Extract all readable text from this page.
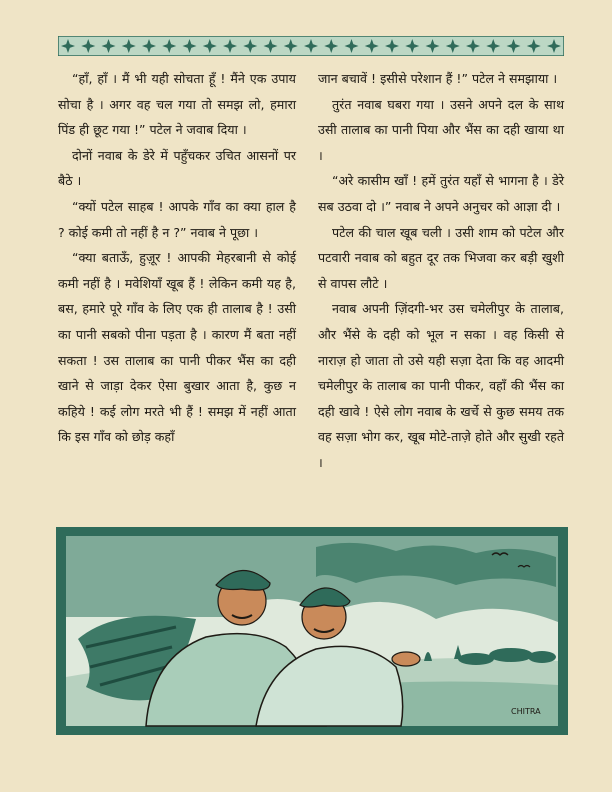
“हाँ, हाँ । मैं भी यही सोचता हूँ ! मैंने एक उपाय सोचा है । अगर वह चल गया तो समझ लो, हमारा पिंड ही छूट गया !” पटेल ने जवाब दिया ।

दोनों नवाब के डेरे में पहुँचकर उचित आसनों पर बैठे ।

“क्यों पटेल साहब ! आपके गाँव का क्या हाल है ? कोई कमी तो नहीं है न ?” नवाब ने पूछा ।

“क्या बताऊँ, हुज़ूर ! आपकी मेहरबानी से कोई कमी नहीं है । मवेशियाँ खूब हैं ! लेकिन कमी यह है, बस, हमारे पूरे गाँव के लिए एक ही तालाब है ! उसी का पानी सबको पीना पड़ता है । कारण मैं बता नहीं सकता ! उस तालाब का पानी पीकर भैंस का दही खाने से जाड़ा देकर ऐसा बुखार आता है, कुछ न कहिये ! कई लोग मरते भी हैं ! समझ में नहीं आता कि इस गाँव को छोड़ कहाँ

जान बचावें ! इसीसे परेशान हैं !” पटेल ने समझाया ।

तुरंत नवाब घबरा गया । उसने अपने दल के साथ उसी तालाब का पानी पिया और भैंस का दही खाया था ।

“अरे कासीम खाँ ! हमें तुरंत यहाँ से भागना है । डेरे सब उठवा दो ।” नवाब ने अपने अनुचर को आज्ञा दी ।

पटेल की चाल खूब चली । उसी शाम को पटेल और पटवारी नवाब को बहुत दूर तक भिजवा कर बड़ी खुशी से वापस लौटे ।

नवाब अपनी ज़िंदगी-भर उस चमेलीपुर के तालाब, और भैंसे के दही को भूल न सका । वह किसी से नाराज़ हो जाता तो उसे यही सज़ा देता कि वह आदमी चमेलीपुर के तालाब का पानी पीकर, वहाँ की भैंस का दही खावे ! ऐसे लोग नवाब के खर्चे से कुछ समय तक वह सज़ा भोग कर, खूब मोटे-ताज़े होते और सुखी रहते ।

CHITRA
